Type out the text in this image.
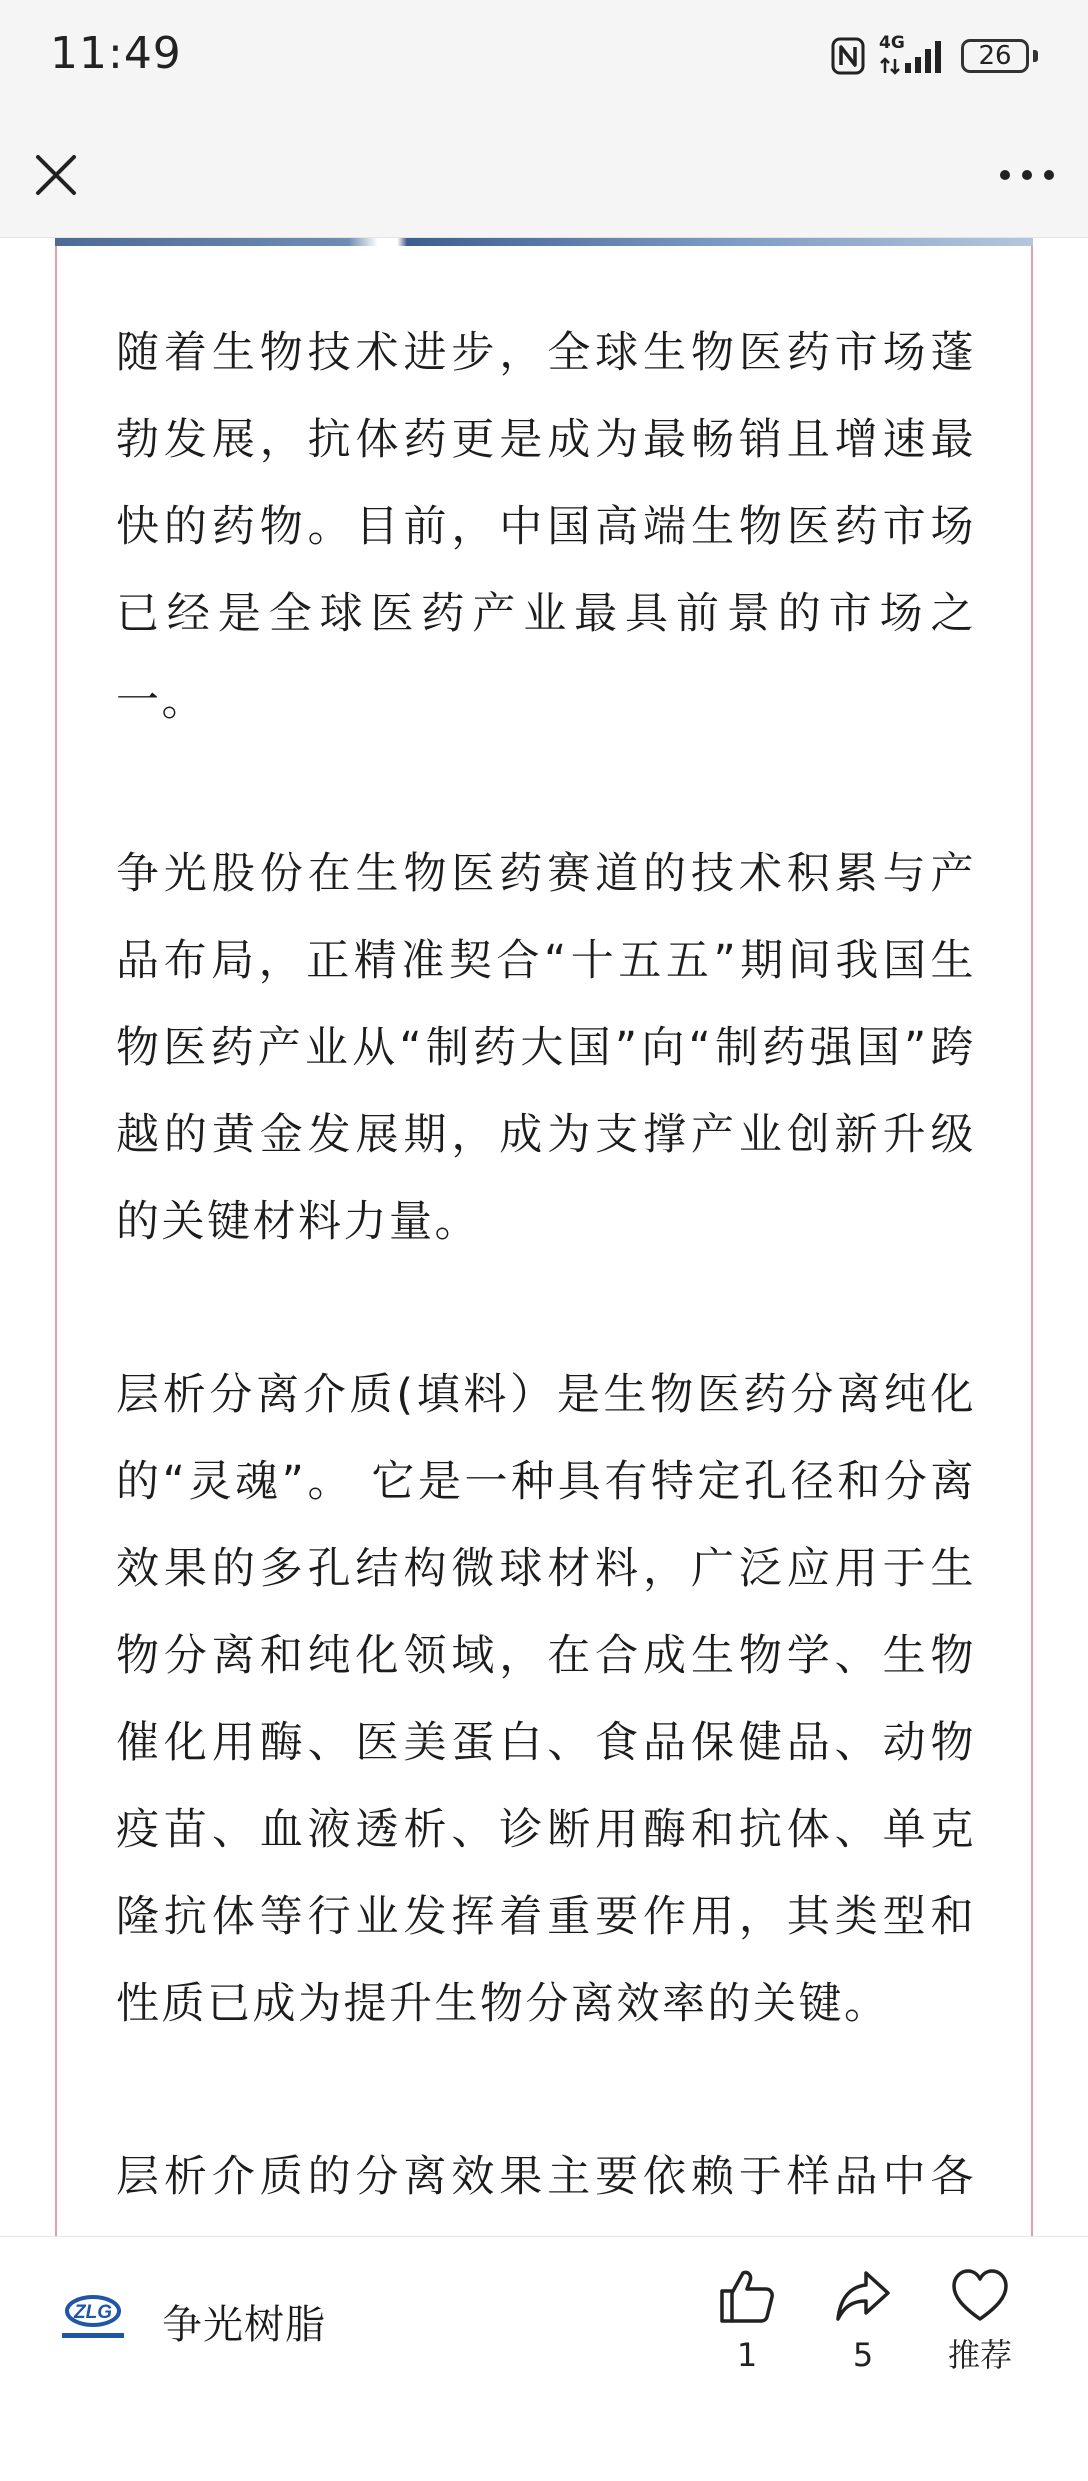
11:49	4G	26

随着生物技术进步，全球生物医药市场蓬勃发展，抗体药更是成为最畅销且增速最快的药物。目前，中国高端生物医药市场已经是全球医药产业最具前景的市场之一。

争光股份在生物医药赛道的技术积累与产品布局，正精准契合“十五五”期间我国生物医药产业从“制药大国”向“制药强国”跨越的黄金发展期，成为支撑产业创新升级的关键材料力量。

层析分离介质(填料）是生物医药分离纯化的“灵魂”。 它是一种具有特定孔径和分离效果的多孔结构微球材料，广泛应用于生物分离和纯化领域，在合成生物学、生物催化用酶、医美蛋白、食品保健品、动物疫苗、血液透析、诊断用酶和抗体、单克隆抗体等行业发挥着重要作用，其类型和性质已成为提升生物分离效率的关键。

层析介质的分离效果主要依赖于样品中各

ZLG 争光树脂
1	5	推荐
